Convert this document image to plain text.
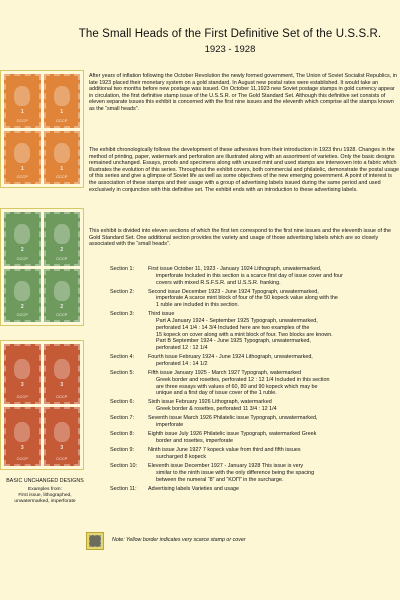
The Small Heads of the First Definitive Set of the U.S.S.R.
1923 - 1928
1
CCCP
1
CCCP
1
CCCP
1
CCCP
2
CCCP
2
CCCP
2
CCCP
2
CCCP
3
CCCP
3
CCCP
3
CCCP
3
CCCP
BASIC UNCHANGED DESIGNS
Examples from:
First issue, lithographed,
unwatermarked, imperforate

After years of inflation following the October Revolution the newly formed government, The Union of Soviet Socialist Republics, in late 1923 placed their monetary system on a gold standard. In August new postal rates were established. It would take an additional two months before new postage was issued. On October 11,1923 new Soviet postage stamps in gold currency appear in circulation, the first definitive stamp issue of the U.S.S.R. or The Gold Standard Set. Although this definitive set consists of eleven separate issues this exhibit is concerned with the first nine issues and the eleventh which comprise all the stamps known as the “small heads”.

The exhibit chronologically follows the development of these adhesives from their introduction in 1923 thru 1928. Changes in the method of printing, paper, watermark and perforation are illustrated along with an assortment of varieties. Only the basic designs remained unchanged. Essays, proofs and specimens along with unused mint and used stamps are interwoven into a fabric which illustrates the evolution of this series. Throughout the exhibit covers, both commercial and philatelic, demonstrate the postal usage of this series and give a glimpse of Soviet life as well as some objectives of the new emerging government. A point of interest is the association of these stamps and their usage with a group of advertising labels issued during the same period and used exclusively in conjunction with this definitive set. The exhibit ends with an introduction to these advertising labels.

This exhibit is divided into eleven sections of which the first ten correspond to the first nine issues and the eleventh issue of the Gold Standard Set. One additional section provides the variety and usage of those advertising labels which are so closely associated with the “small heads”.

Section 1:	First issue October 11, 1923 - January 1924 Lithograph, unwatermarked,

imperforate Included in this section is a scarce first day of issue cover and four
covers with mixed R.S.F.S.R. and U.S.S.R. franking.
Section 2:	Second issue December 1923 - June 1924 Typograph, unwatermarked,

imperforate A scarce mint block of four of the 50 kopeck value along with the
1 ruble are included in this section.
Section 3:	Third issue

Part A January 1924 - September 1925 Typograph, unwatermarked,
perforated 14 1/4 : 14 3/4 Included here are two examples of the
15 kopeck on cover along with a mint block of four. Two blocks are known.
Part B September 1924 - June 1925 Typograph, unwatermarked,
perforated 12 : 12 1/4
Section 4:	Fourth issue February 1924 - June 1924 Lithograph, unwatermarked,

perforated 14 : 14 1/2
Section 5:	Fifth issue January 1925 - March 1927 Typograph, watermarked

Greek border and rosettes, perforated 12 : 12 1/4 Included in this section
are three essays with values of 60, 80 and 90 kopeck which may be
unique and a first day of issue cover of the 1 ruble.
Section 6:	Sixth issue February 1926 Lithograph, watermarked

Greek border & rosettes, perforated 11 3/4 : 12 1/4
Section 7:	Seventh issue March 1926 Philatelic issue Typograph, unwatermarked,

imperforate
Section 8:	Eighth issue July 1926 Philatelic issue Typograph, watermarked Greek

border and rosettes, imperforate
Section 9:	Ninth issue June 1927 7 kopeck value from third and fifth issues

surcharged 8 kopeck
Section 10:	Eleventh issue December 1927 - January 1928 This issue is very

similar to the ninth issue with the only difference being the spacing
between the numeral “8” and “KOП” in the surcharge.
Section 11:	Advertising labels Varieties and usage
Note: Yellow border indicates very scarce stamp or cover
